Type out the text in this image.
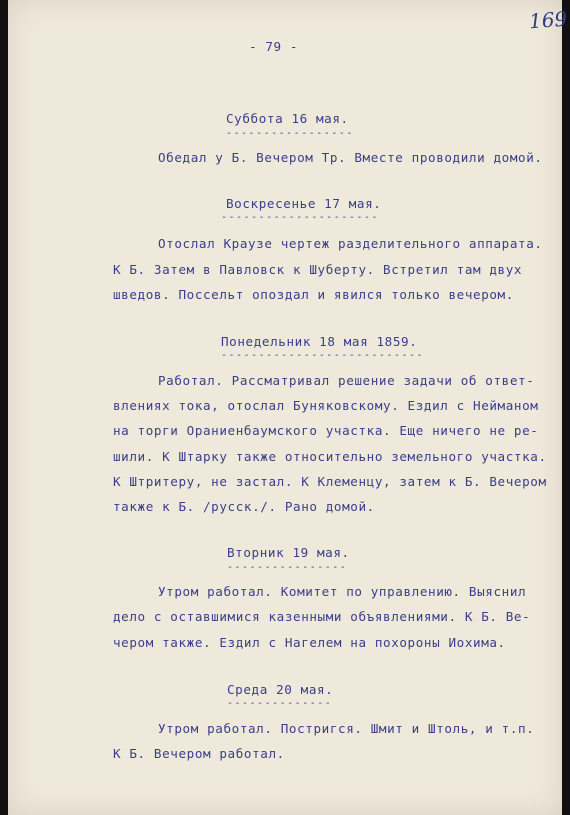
169
- 79 -
Суббота 16 мая.
-----------------
Обедал у Б. Вечером Тр. Вместе проводили домой.
Воскресенье 17 мая.
---------------------
Отослал Краузе чертеж разделительного аппарата.
К Б. Затем в Павловск к Шуберту. Встретил там двух
шведов. Поссельт опоздал и явился только вечером.
Понедельник 18 мая 1859.
---------------------------
Работал. Рассматривал решение задачи об ответ-
влениях тока, отослал Буняковскому. Ездил с Нейманом
на торги Ораниенбаумского участка. Еще ничего не ре-
шили. К Штарку также относительно земельного участка.
К Штритеру, не застал. К Клеменцу, затем к Б. Вечером
также к Б. /русск./. Рано домой.
Вторник 19 мая.
----------------
Утром работал. Комитет по управлению. Выяснил
дело с оставшимися казенными объявлениями. К Б. Ве-
чером также. Ездил с Нагелем на похороны Иохима.
Среда 20 мая.
--------------
Утром работал. Постригся. Шмит и Штоль, и т.п.
К Б. Вечером работал.
